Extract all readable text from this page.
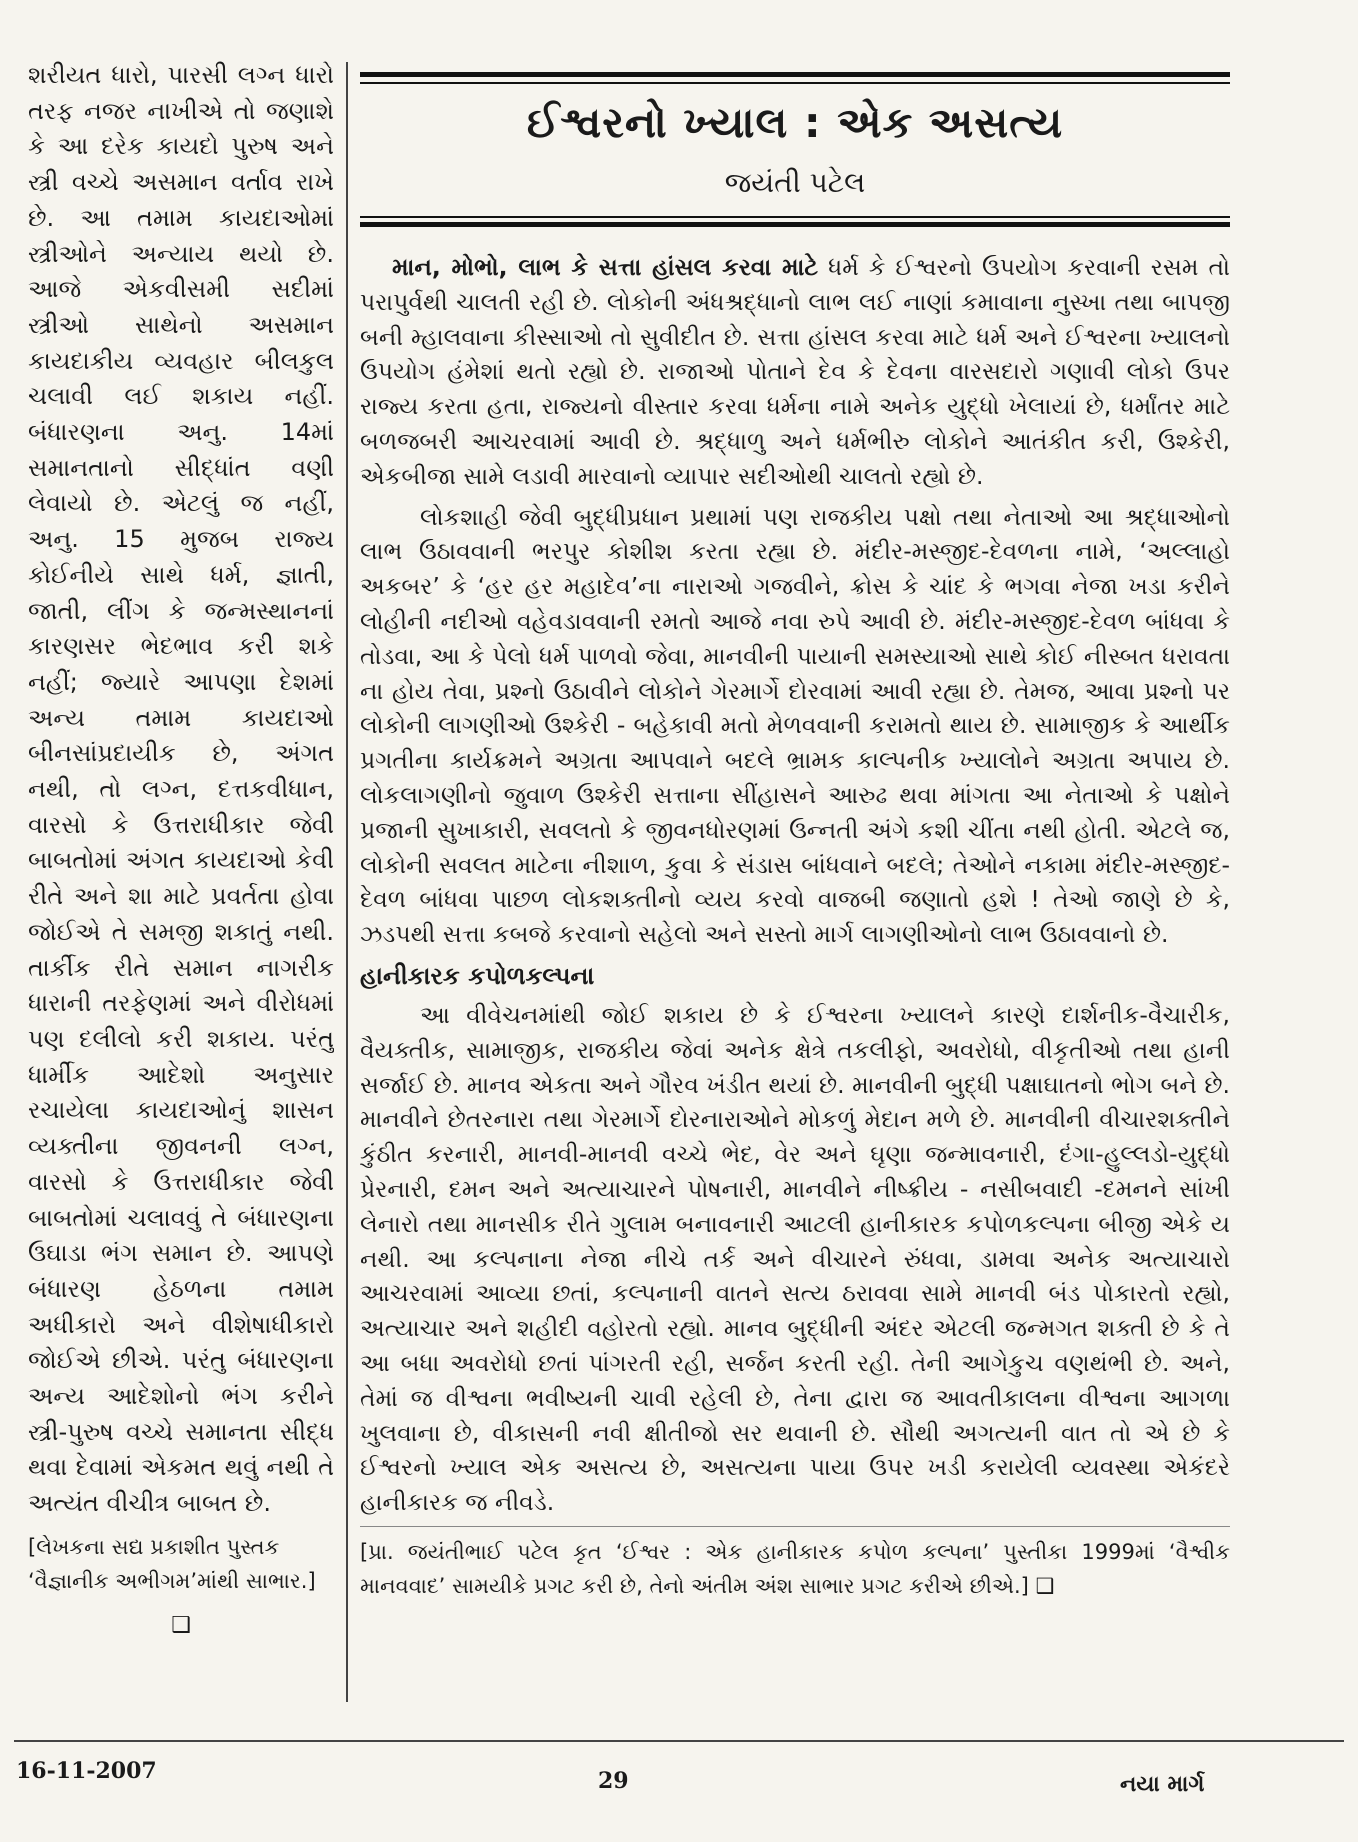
શરીયત ધારો, પારસી લગ્ન ધારો તરફ નજર નાખીએ તો જણાશે કે આ દરેક કાયદો પુરુષ અને સ્ત્રી વચ્ચે અસમાન વર્તાવ રાખે છે. આ તમામ કાયદાઓમાં સ્ત્રીઓને અન્યાય થયો છે. આજે એકવીસમી સદીમાં સ્ત્રીઓ સાથેનો અસમાન કાયદાકીય વ્યવહાર બીલકુલ ચલાવી લઈ શકાય નહીં. બંધારણના અનુ. 14માં સમાનતાનો સીદ્ધાંત વણી લેવાયો છે. એટલું જ નહીં, અનુ. 15 મુજબ રાજ્ય કોઈનીયે સાથે ધર્મ, જ્ઞાતી, જાતી, લીંગ કે જન્મસ્થાનનાં કારણસર ભેદભાવ કરી શકે નહીં; જ્યારે આપણા દેશમાં અન્ય તમામ કાયદાઓ બીનસાંપ્રદાયીક છે, અંગત નથી, તો લગ્ન, દત્તકવીધાન, વારસો કે ઉત્તરાધીકાર જેવી બાબતોમાં અંગત કાયદાઓ કેવી રીતે અને શા માટે પ્રવર્તતા હોવા જોઈએ તે સમજી શકાતું નથી. તાર્કીક રીતે સમાન નાગરીક ધારાની તરફેણમાં અને વીરોધમાં પણ દલીલો કરી શકાય. પરંતુ ધાર્મીક આદેશો અનુસાર રચાયેલા કાયદાઓનું શાસન વ્યક્તીના જીવનની લગ્ન, વારસો કે ઉત્તરાધીકાર જેવી બાબતોમાં ચલાવવું તે બંધારણના ઉઘાડા ભંગ સમાન છે. આપણે બંધારણ હેઠળના તમામ અધીકારો અને વીશેષાધીકારો જોઈએ છીએ. પરંતુ બંધારણના અન્ય આદેશોનો ભંગ કરીને સ્ત્રી-પુરુષ વચ્ચે સમાનતા સીદ્ધ થવા દેવામાં એકમત થવું નથી તે અત્યંત વીચીત્ર બાબત છે.

[લેખકના સદ્ય પ્રકાશીત પુસ્તક ‘વૈજ્ઞાનીક અભીગમ’માંથી સાભાર.]

❑
ઈશ્વરનો ખ્યાલ : એક અસત્ય
જયંતી પટેલ

માન, મોભો, લાભ કે સત્તા હાંસલ કરવા માટે ધર્મ કે ઈશ્વરનો ઉપયોગ કરવાની રસમ તો પરાપુર્વથી ચાલતી રહી છે. લોકોની અંધશ્રદ્ધાનો લાભ લઈ નાણાં કમાવાના નુસ્ખા તથા બાપજી બની મ્હાલવાના કીસ્સાઓ તો સુવીદીત છે. સત્તા હાંસલ કરવા માટે ધર્મ અને ઈશ્વરના ખ્યાલનો ઉપયોગ હંમેશાં થતો રહ્યો છે. રાજાઓ પોતાને દેવ કે દેવના વારસદારો ગણાવી લોકો ઉપર રાજ્ય કરતા હતા, રાજ્યનો વીસ્તાર કરવા ધર્મના નામે અનેક યુદ્ધો ખેલાયાં છે, ધર્માંતર માટે બળજબરી આચરવામાં આવી છે. શ્રદ્ધાળુ અને ધર્મભીરુ લોકોને આતંકીત કરી, ઉશ્કેરી, એકબીજા સામે લડાવી મારવાનો વ્યાપાર સદીઓથી ચાલતો રહ્યો છે.

લોકશાહી જેવી બુદ્ધીપ્રધાન પ્રથામાં પણ રાજકીય પક્ષો તથા નેતાઓ આ શ્રદ્ધાઓનો લાભ ઉઠાવવાની ભરપુર કોશીશ કરતા રહ્યા છે. મંદીર-મસ્જીદ-દેવળના નામે, ‘અલ્લાહો અકબર’ કે ‘હર હર મહાદેવ’ના નારાઓ ગજવીને, ક્રોસ કે ચાંદ કે ભગવા નેજા ખડા કરીને લોહીની નદીઓ વહેવડાવવાની રમતો આજે નવા રુપે આવી છે. મંદીર-મસ્જીદ-દેવળ બાંધવા કે તોડવા, આ કે પેલો ધર્મ પાળવો જેવા, માનવીની પાયાની સમસ્યાઓ સાથે કોઈ નીસ્બત ધરાવતા ના હોય તેવા, પ્રશ્નો ઉઠાવીને લોકોને ગેરમાર્ગે દોરવામાં આવી રહ્યા છે. તેમજ, આવા પ્રશ્નો પર લોકોની લાગણીઓ ઉશ્કેરી - બહેકાવી મતો મેળવવાની કરામતો થાય છે. સામાજીક કે આર્થીક પ્રગતીના કાર્યક્રમને અગ્રતા આપવાને બદલે ભ્રામક કાલ્પનીક ખ્યાલોને અગ્રતા અપાય છે. લોકલાગણીનો જુવાળ ઉશ્કેરી સત્તાના સીંહાસને આરુઢ થવા માંગતા આ નેતાઓ કે પક્ષોને પ્રજાની સુખાકારી, સવલતો કે જીવનધોરણમાં ઉન્નતી અંગે કશી ચીંતા નથી હોતી. એટલે જ, લોકોની સવલત માટેના નીશાળ, કુવા કે સંડાસ બાંધવાને બદલે; તેઓને નકામા મંદીર-મસ્જીદ-દેવળ બાંધવા પાછળ લોકશક્તીનો વ્યય કરવો વાજબી જણાતો હશે ! તેઓ જાણે છે કે, ઝડપથી સત્તા કબજે કરવાનો સહેલો અને સસ્તો માર્ગ લાગણીઓનો લાભ ઉઠાવવાનો છે.

હાનીકારક કપોળકલ્પના

આ વીવેચનમાંથી જોઈ શકાય છે કે ઈશ્વરના ખ્યાલને કારણે દાર્શનીક-વૈચારીક, વૈયક્તીક, સામાજીક, રાજકીય જેવાં અનેક ક્ષેત્રે તકલીફો, અવરોધો, વીકૃતીઓ તથા હાની સર્જાઈ છે. માનવ એકતા અને ગૌરવ ખંડીત થયાં છે. માનવીની બુદ્ધી પક્ષાઘાતનો ભોગ બને છે. માનવીને છેતરનારા તથા ગેરમાર્ગે દોરનારાઓને મોકળું મેદાન મળે છે. માનવીની વીચારશક્તીને કુંઠીત કરનારી, માનવી-માનવી વચ્ચે ભેદ, વેર અને ઘૃણા જન્માવનારી, દંગા-હુલ્લડો-યુદ્ધો પ્રેરનારી, દમન અને અત્યાચારને પોષનારી, માનવીને નીષ્ક્રીય - નસીબવાદી -દમનને સાંખી લેનારો તથા માનસીક રીતે ગુલામ બનાવનારી આટલી હાનીકારક કપોળકલ્પના બીજી એકે ય નથી. આ કલ્પનાના નેજા નીચે તર્ક અને વીચારને રુંધવા, ડામવા અનેક અત્યાચારો આચરવામાં આવ્યા છતાં, કલ્પનાની વાતને સત્ય ઠરાવવા સામે માનવી બંડ પોકારતો રહ્યો, અત્યાચાર અને શહીદી વહોરતો રહ્યો. માનવ બુદ્ધીની અંદર એટલી જન્મગત શક્તી છે કે તે આ બધા અવરોધો છતાં પાંગરતી રહી, સર્જન કરતી રહી. તેની આગેકુચ વણથંભી છે. અને, તેમાં જ વીશ્વના ભવીષ્યની ચાવી રહેલી છે, તેના દ્વારા જ આવતીકાલના વીશ્વના આગળા ખુલવાના છે, વીકાસની નવી ક્ષીતીજો સર થવાની છે. સૌથી અગત્યની વાત તો એ છે કે ઈશ્વરનો ખ્યાલ એક અસત્ય છે, અસત્યના પાયા ઉપર ખડી કરાયેલી વ્યવસ્થા એકંદરે હાનીકારક જ નીવડે.

[પ્રા. જયંતીભાઈ પટેલ કૃત ‘ઈશ્વર : એક હાનીકારક કપોળ કલ્પના’ પુસ્તીકા 1999માં ‘વૈશ્વીક માનવવાદ’ સામયીકે પ્રગટ કરી છે, તેનો અંતીમ અંશ સાભાર પ્રગટ કરીએ છીએ.] ❑

16-11-2007	29	નયા માર્ગ
